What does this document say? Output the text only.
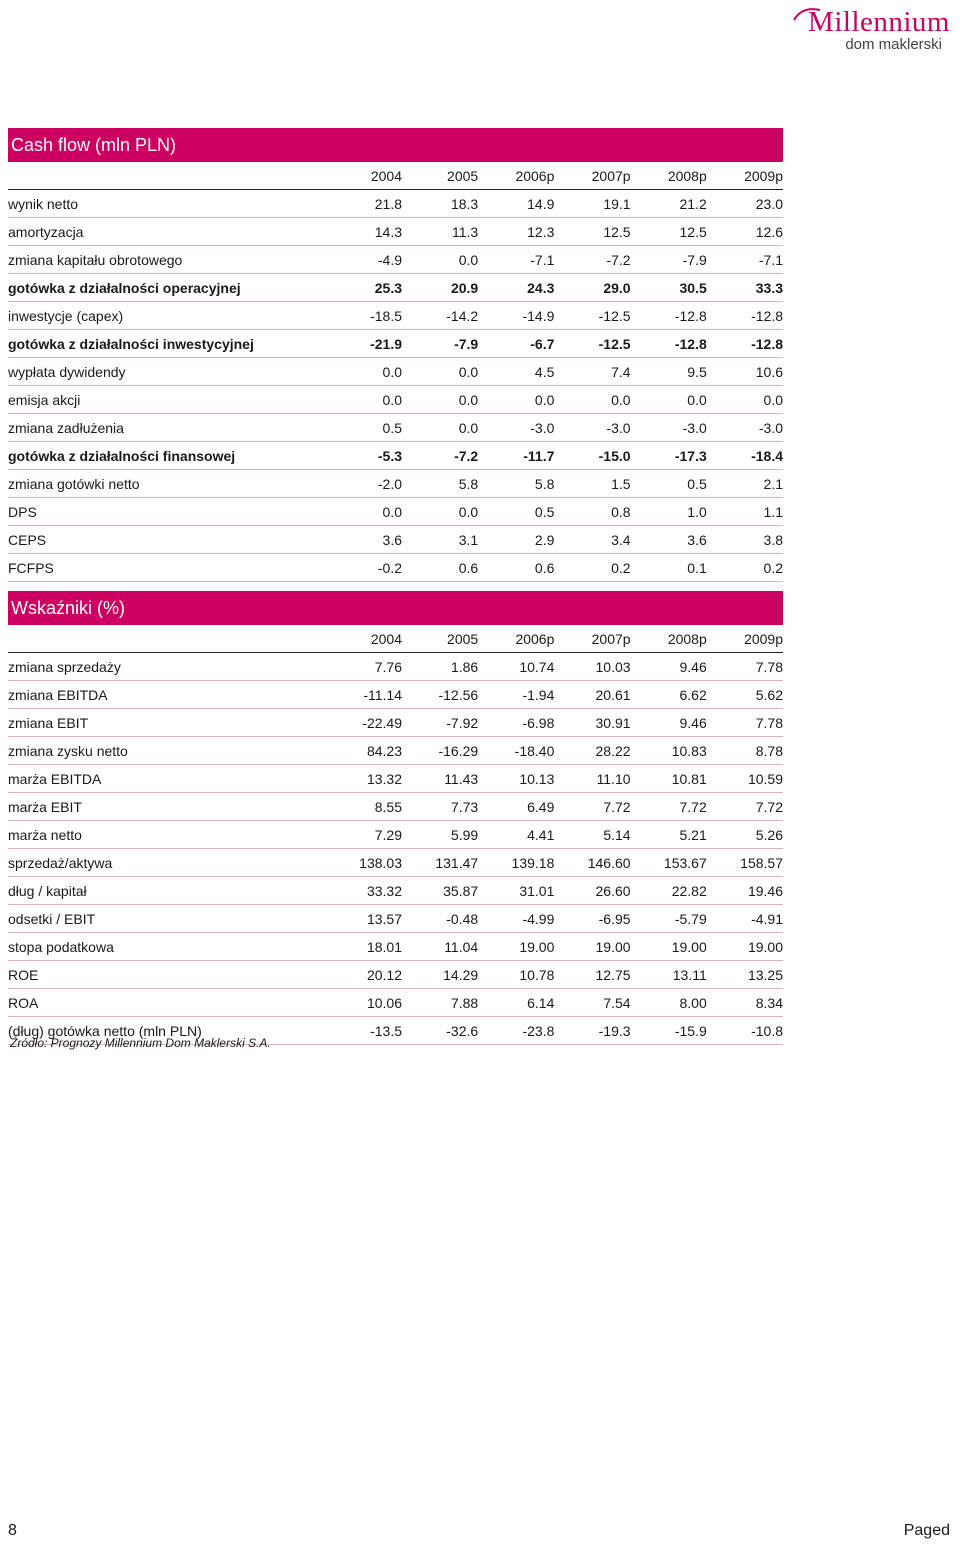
Millennium
dom maklerski
Cash flow (mln PLN)
	2004	2005	2006p	2007p	2008p	2009p
wynik netto	21.8	18.3	14.9	19.1	21.2	23.0
amortyzacja	14.3	11.3	12.3	12.5	12.5	12.6
zmiana kapitału obrotowego	-4.9	0.0	-7.1	-7.2	-7.9	-7.1
gotówka z działalności operacyjnej	25.3	20.9	24.3	29.0	30.5	33.3
inwestycje (capex)	-18.5	-14.2	-14.9	-12.5	-12.8	-12.8
gotówka z działalności inwestycyjnej	-21.9	-7.9	-6.7	-12.5	-12.8	-12.8
wypłata dywidendy	0.0	0.0	4.5	7.4	9.5	10.6
emisja akcji	0.0	0.0	0.0	0.0	0.0	0.0
zmiana zadłużenia	0.5	0.0	-3.0	-3.0	-3.0	-3.0
gotówka z działalności finansowej	-5.3	-7.2	-11.7	-15.0	-17.3	-18.4
zmiana gotówki netto	-2.0	5.8	5.8	1.5	0.5	2.1
DPS	0.0	0.0	0.5	0.8	1.0	1.1
CEPS	3.6	3.1	2.9	3.4	3.6	3.8
FCFPS	-0.2	0.6	0.6	0.2	0.1	0.2
Wskaźniki (%)
	2004	2005	2006p	2007p	2008p	2009p
zmiana sprzedaży	7.76	1.86	10.74	10.03	9.46	7.78
zmiana EBITDA	-11.14	-12.56	-1.94	20.61	6.62	5.62
zmiana EBIT	-22.49	-7.92	-6.98	30.91	9.46	7.78
zmiana zysku netto	84.23	-16.29	-18.40	28.22	10.83	8.78
marża EBITDA	13.32	11.43	10.13	11.10	10.81	10.59
marża EBIT	8.55	7.73	6.49	7.72	7.72	7.72
marża netto	7.29	5.99	4.41	5.14	5.21	5.26
sprzedaż/aktywa	138.03	131.47	139.18	146.60	153.67	158.57
dług / kapitał	33.32	35.87	31.01	26.60	22.82	19.46
odsetki / EBIT	13.57	-0.48	-4.99	-6.95	-5.79	-4.91
stopa podatkowa	18.01	11.04	19.00	19.00	19.00	19.00
ROE	20.12	14.29	10.78	12.75	13.11	13.25
ROA	10.06	7.88	6.14	7.54	8.00	8.34
(dług) gotówka netto (mln PLN)	-13.5	-32.6	-23.8	-19.3	-15.9	-10.8
Źródło: Prognozy Millennium Dom Maklerski S.A.
8	Paged
